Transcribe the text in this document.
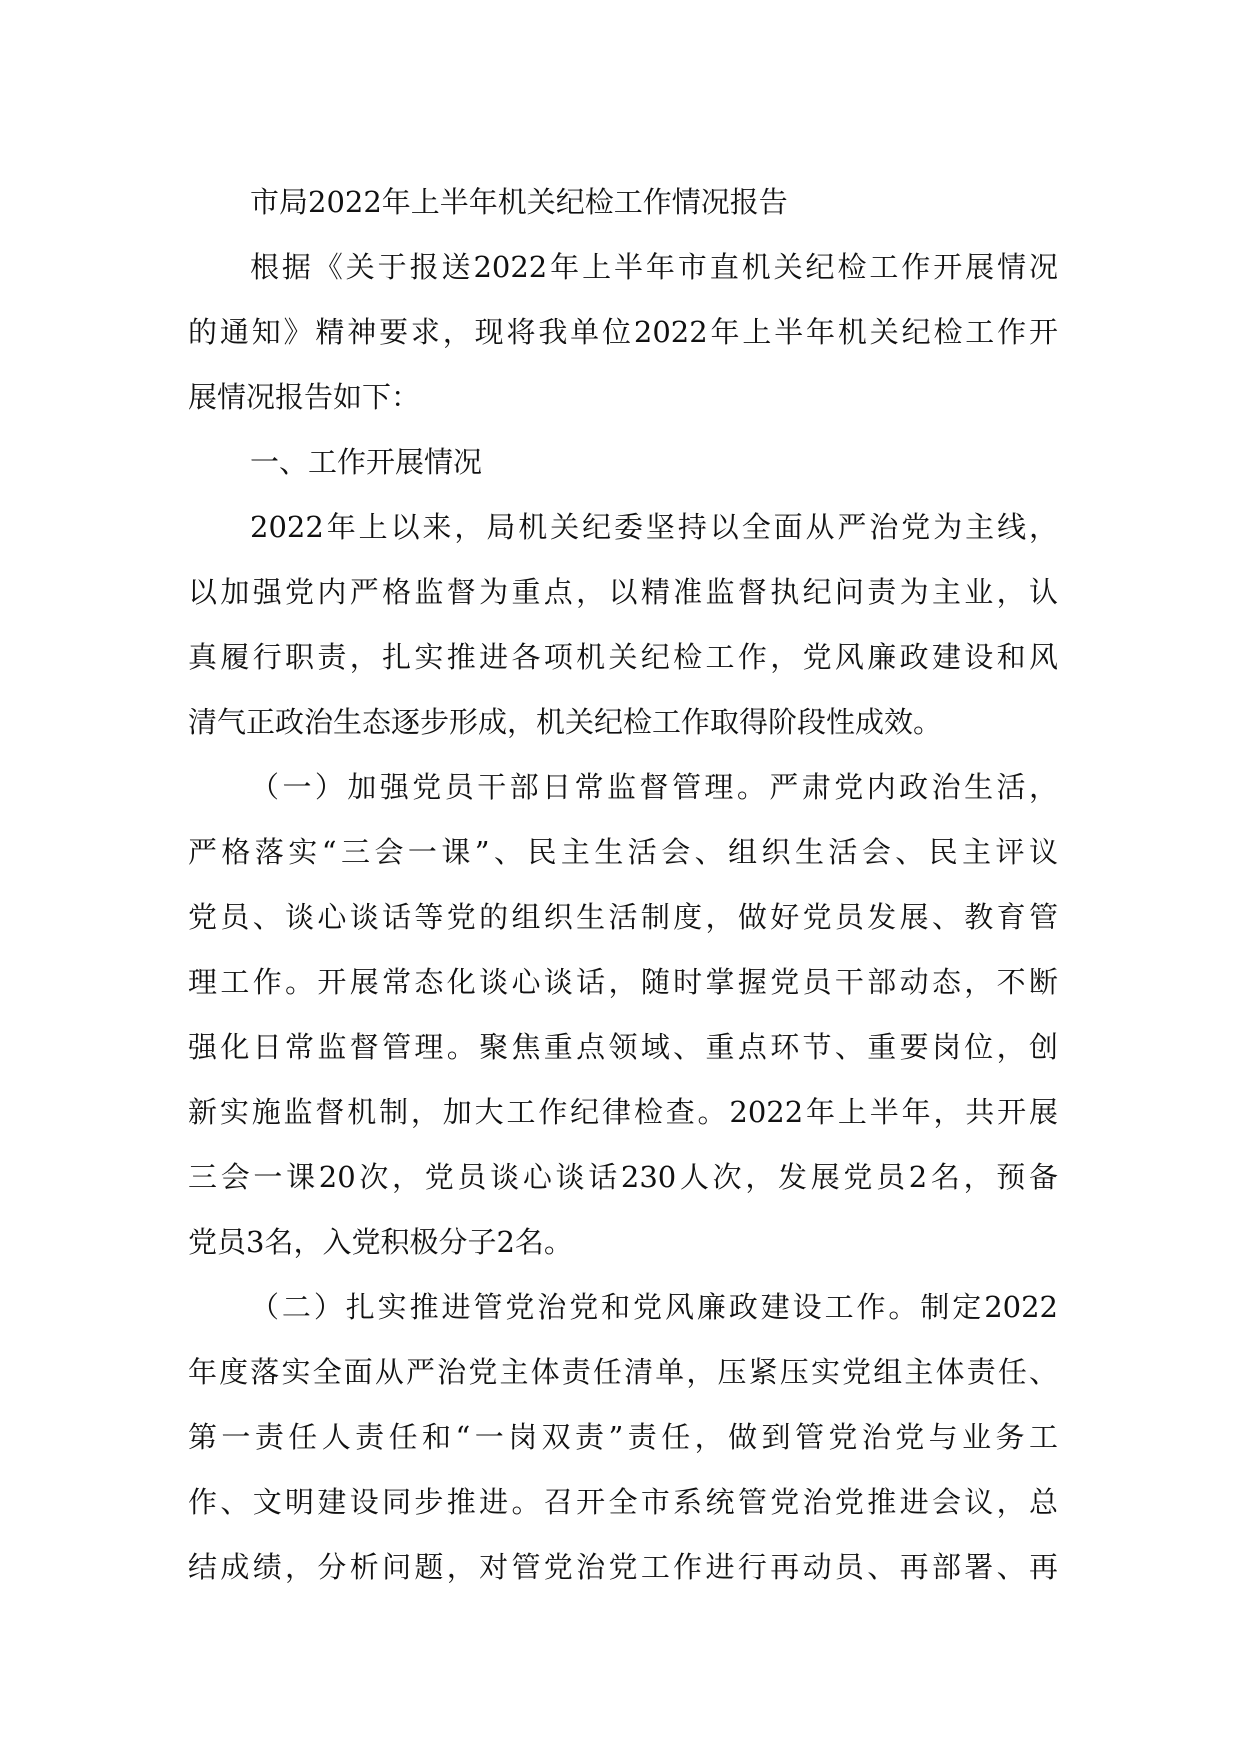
市局2022年上半年机关纪检工作情况报告
根据《关于报送2022年上半年市直机关纪检工作开展情况
的通知》精神要求，现将我单位2022年上半年机关纪检工作开
展情况报告如下：
一、工作开展情况
2022年上以来，局机关纪委坚持以全面从严治党为主线，
以加强党内严格监督为重点，以精准监督执纪问责为主业，认
真履行职责，扎实推进各项机关纪检工作，党风廉政建设和风
清气正政治生态逐步形成，机关纪检工作取得阶段性成效。
（一）加强党员干部日常监督管理。严肃党内政治生活，
严格落实“三会一课”、民主生活会、组织生活会、民主评议
党员、谈心谈话等党的组织生活制度，做好党员发展、教育管
理工作。开展常态化谈心谈话，随时掌握党员干部动态，不断
强化日常监督管理。聚焦重点领域、重点环节、重要岗位，创
新实施监督机制，加大工作纪律检查。2022年上半年，共开展
三会一课20次，党员谈心谈话230人次，发展党员2名，预备
党员3名，入党积极分子2名。
（二）扎实推进管党治党和党风廉政建设工作。制定2022
年度落实全面从严治党主体责任清单，压紧压实党组主体责任、
第一责任人责任和“一岗双责”责任，做到管党治党与业务工
作、文明建设同步推进。召开全市系统管党治党推进会议，总
结成绩，分析问题，对管党治党工作进行再动员、再部署、再
